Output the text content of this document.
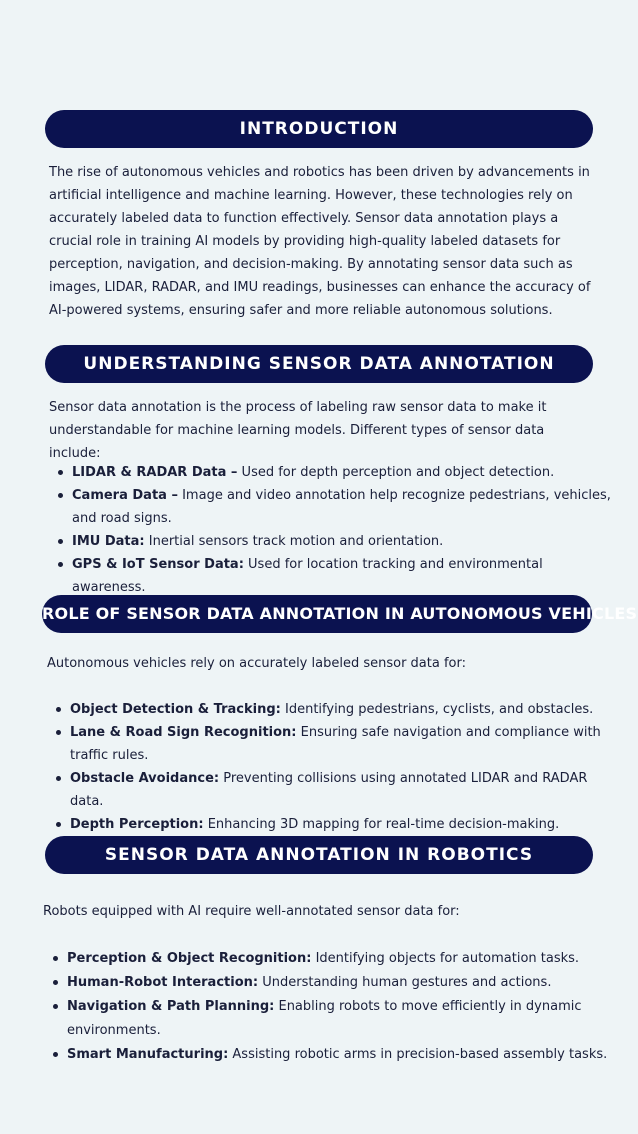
INTRODUCTION

The rise of autonomous vehicles and robotics has been driven by advancements in artificial intelligence and machine learning. However, these technologies rely on accurately labeled data to function effectively. Sensor data annotation plays a crucial role in training AI models by providing high-quality labeled datasets for perception, navigation, and decision-making. By annotating sensor data such as images, LIDAR, RADAR, and IMU readings, businesses can enhance the accuracy of AI-powered systems, ensuring safer and more reliable autonomous solutions.

UNDERSTANDING SENSOR DATA ANNOTATION

Sensor data annotation is the process of labeling raw sensor data to make it understandable for machine learning models. Different types of sensor data include:

LIDAR & RADAR Data – Used for depth perception and object detection.
Camera Data – Image and video annotation help recognize pedestrians, vehicles, and road signs.
IMU Data: Inertial sensors track motion and orientation.
GPS & IoT Sensor Data: Used for location tracking and environmental awareness.
ROLE OF SENSOR DATA ANNOTATION IN AUTONOMOUS VEHICLES

Autonomous vehicles rely on accurately labeled sensor data for:

Object Detection & Tracking: Identifying pedestrians, cyclists, and obstacles.
Lane & Road Sign Recognition: Ensuring safe navigation and compliance with traffic rules.
Obstacle Avoidance: Preventing collisions using annotated LIDAR and RADAR data.
Depth Perception: Enhancing 3D mapping for real-time decision-making.
SENSOR DATA ANNOTATION IN ROBOTICS

Robots equipped with AI require well-annotated sensor data for:

Perception & Object Recognition: Identifying objects for automation tasks.
Human-Robot Interaction: Understanding human gestures and actions.
Navigation & Path Planning: Enabling robots to move efficiently in dynamic environments.
Smart Manufacturing: Assisting robotic arms in precision-based assembly tasks.
